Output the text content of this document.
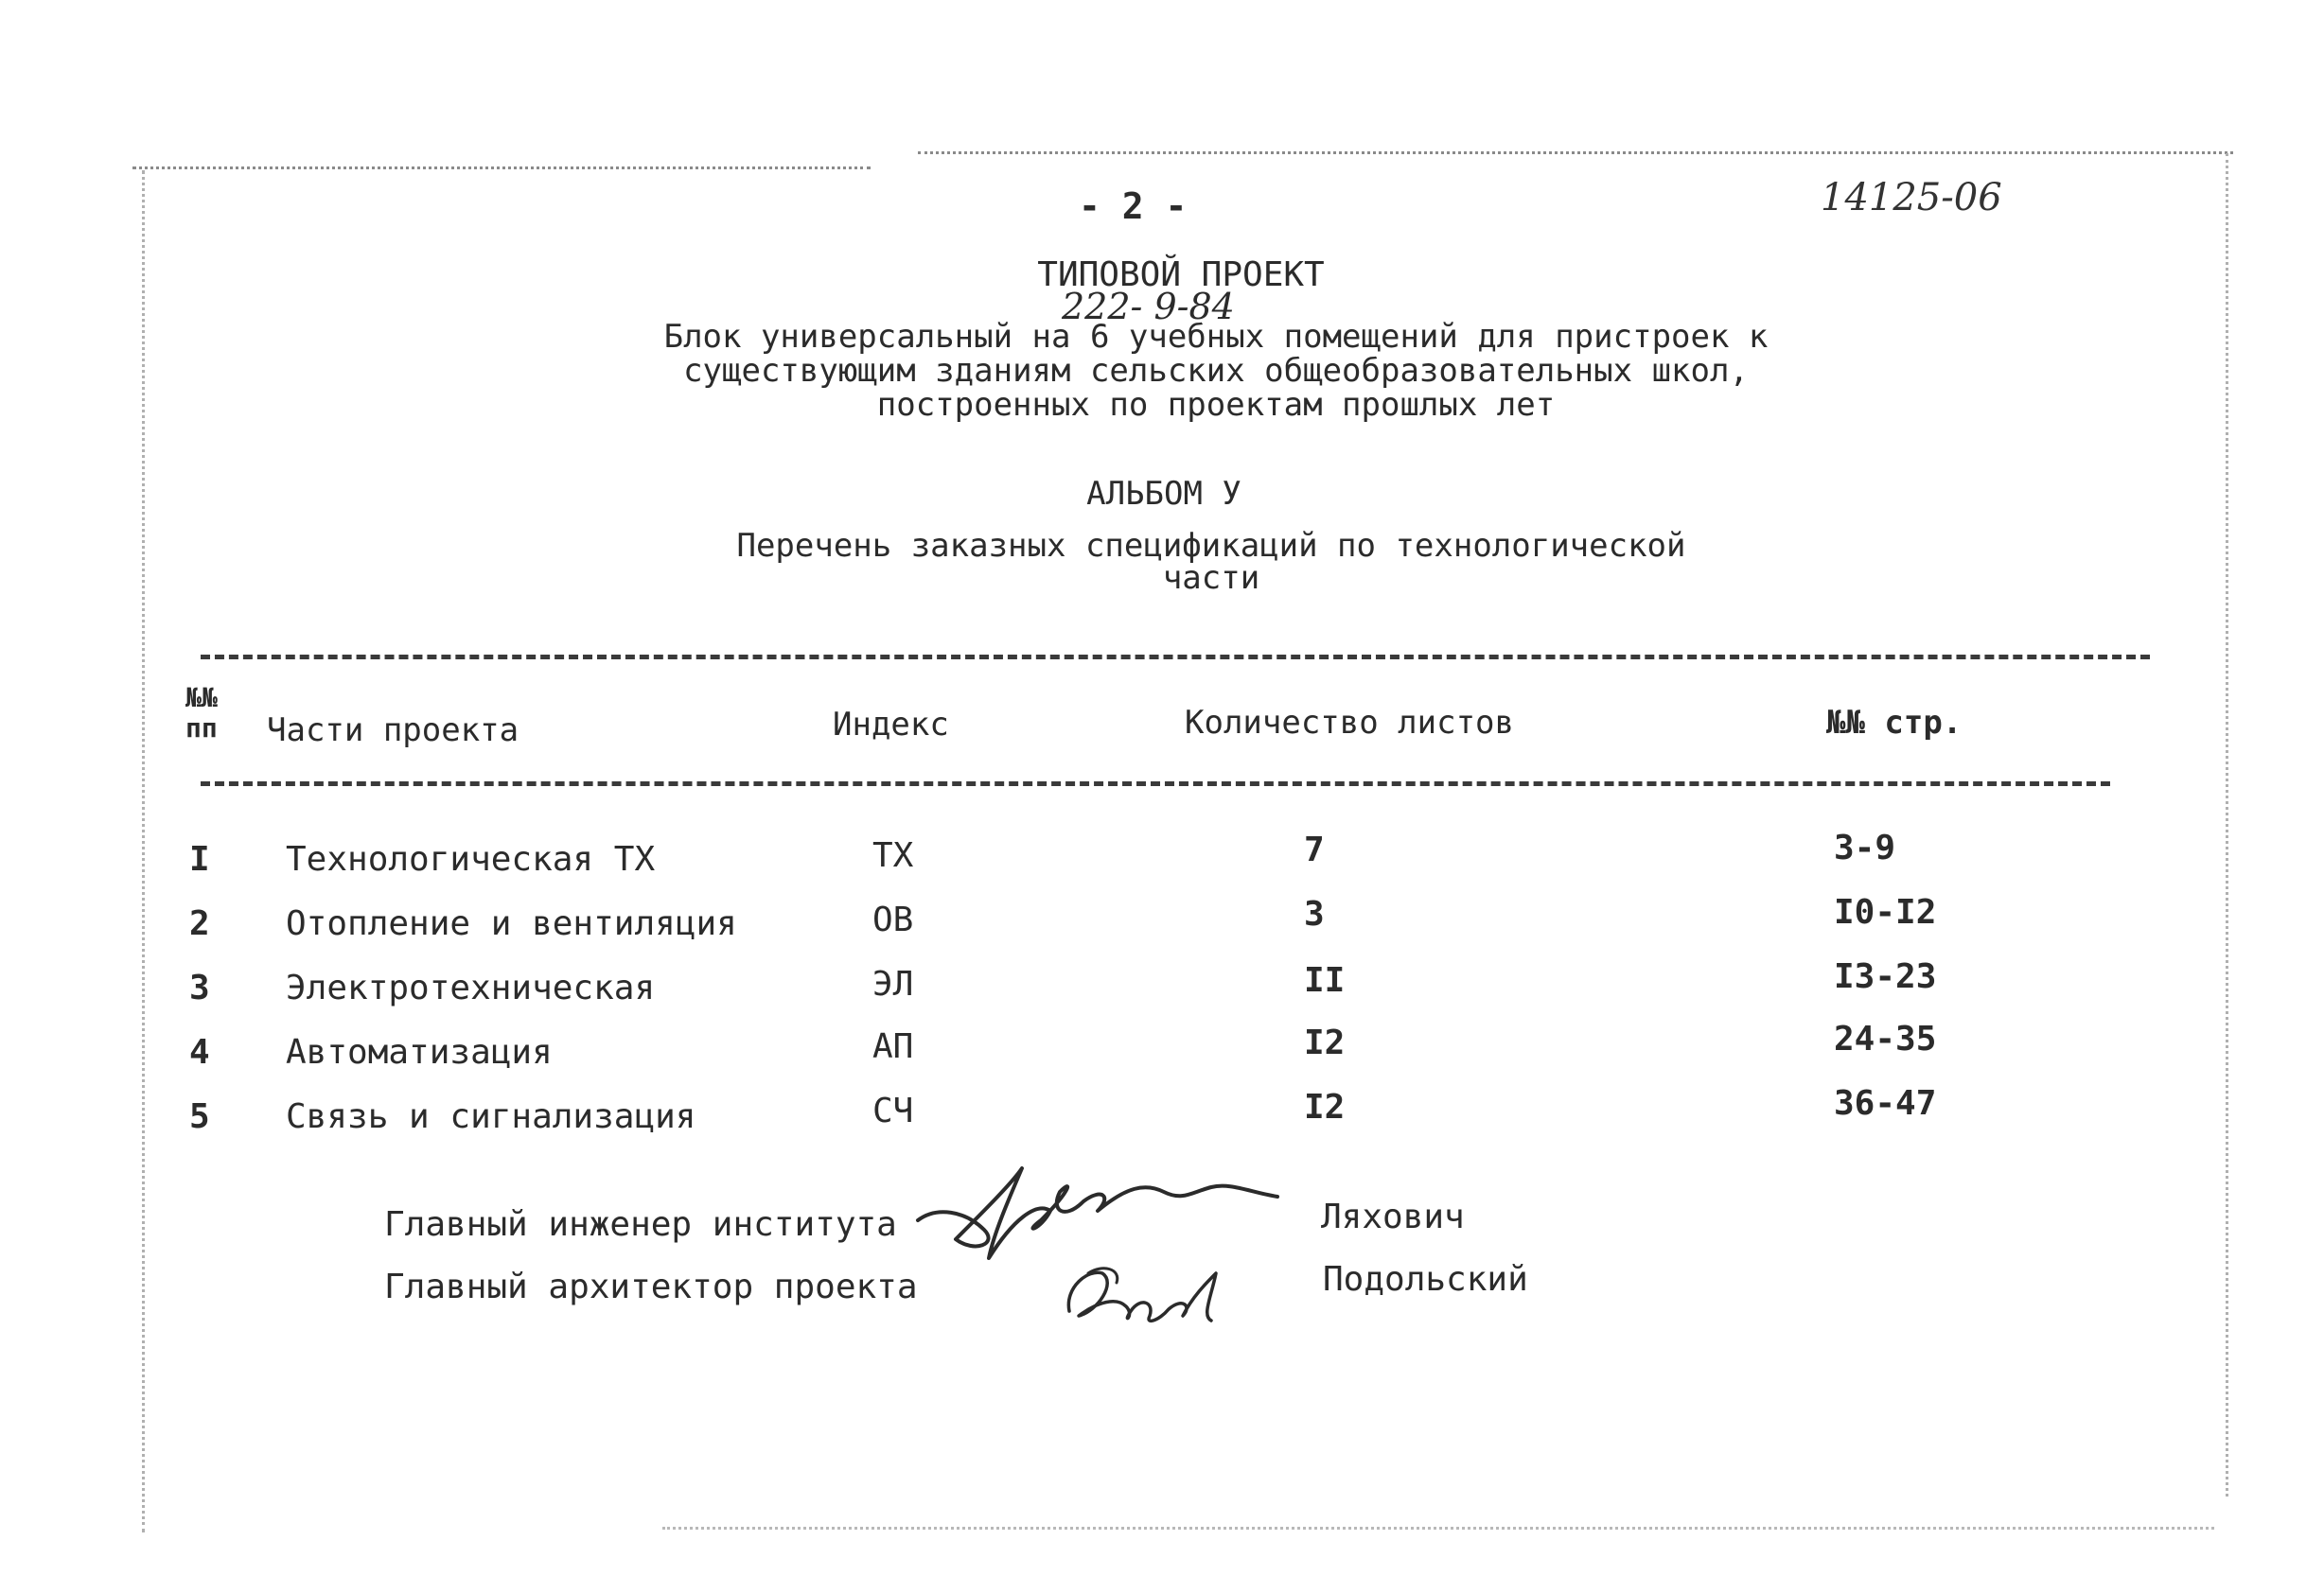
- 2 -	14125-06
ТИПОВОЙ ПРОЕКТ
222- 9-84
Блок универсальный на 6 учебных помещений для пристроек к существующим зданиям сельских общеобразовательных школ, построенных по проектам прошлых лет
АЛЬБОМ У
Перечень заказных спецификаций по технологической части
№№ пп	Части проекта	Индекс	Количество листов	№№ стр.
I Технологическая ТХ	ТХ	7	3-9
2 Отопление и вентиляция	ОВ	3	I0-I2
3 Электротехническая	ЭЛ	II	I3-23
4 Автоматизация	АП	I2	24-35
5 Связь и сигнализация	СЧ	I2	36-47
Главный инженер института	Ляхович
Главный архитектор проекта	Подольский
